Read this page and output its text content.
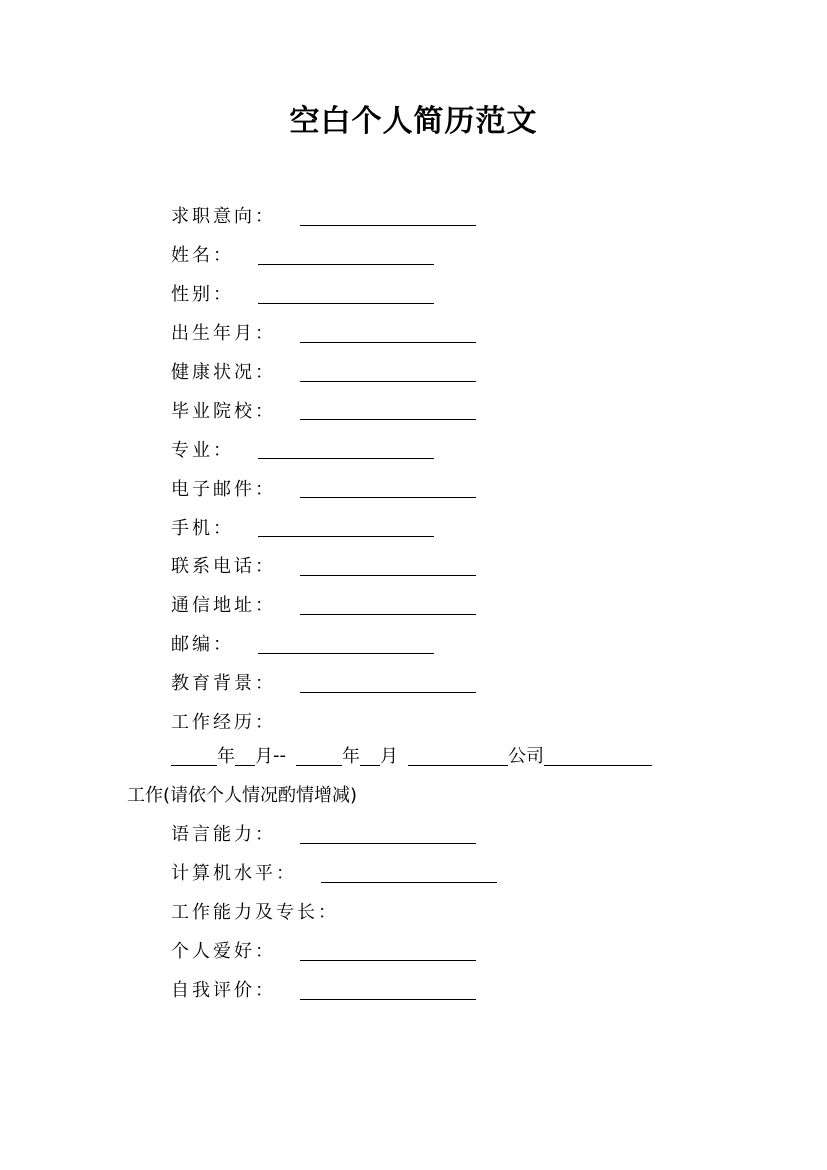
空白个人简历范文
求职意向：
姓名：
性别：
出生年月：
健康状况：
毕业院校：
专业：
电子邮件：
手机：
联系电话：
通信地址：
邮编：
教育背景：
工作经历：
年 月 --	年 月	公司
工作(请依个人情况酌情增减)
语言能力：
计算机水平：
工作能力及专长：
个人爱好：
自我评价：
